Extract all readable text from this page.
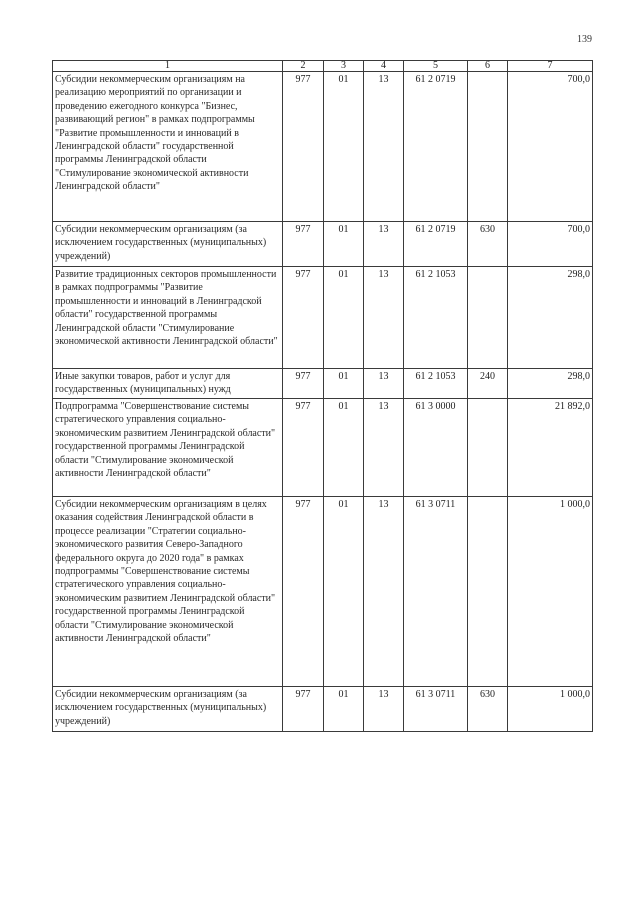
139
1	2	3	4	5	6	7
Субсидии некоммерческим организациям на реализацию мероприятий по организации и проведению ежегодного конкурса "Бизнес, развивающий регион" в рамках подпрограммы "Развитие промышленности и инноваций в Ленинградской области" государственной программы Ленинградской области "Стимулирование экономической активности Ленинградской области"	977	01	13	61 2 0719		700,0
Субсидии некоммерческим организациям (за исключением государственных (муниципальных) учреждений)	977	01	13	61 2 0719	630	700,0
Развитие традиционных секторов промышленности в рамках подпрограммы "Развитие промышленности и инноваций в Ленинградской области" государственной программы Ленинградской области "Стимулирование экономической активности Ленинградской области"	977	01	13	61 2 1053		298,0
Иные закупки товаров, работ и услуг для государственных (муниципальных) нужд	977	01	13	61 2 1053	240	298,0
Подпрограмма "Совершенствование системы стратегического управления социально-экономическим развитием Ленинградской области" государственной программы Ленинградской области "Стимулирование экономической активности Ленинградской области"	977	01	13	61 3 0000		21 892,0
Субсидии некоммерческим организациям в целях оказания содействия Ленинградской области в процессе реализации "Стратегии социально-экономического развития Северо-Западного федерального округа до 2020 года" в рамках подпрограммы "Совершенствование системы стратегического управления социально-экономическим развитием Ленинградской области" государственной программы Ленинградской области "Стимулирование экономической активности Ленинградской области"	977	01	13	61 3 0711		1 000,0
Субсидии некоммерческим организациям (за исключением государственных (муниципальных) учреждений)	977	01	13	61 3 0711	630	1 000,0
